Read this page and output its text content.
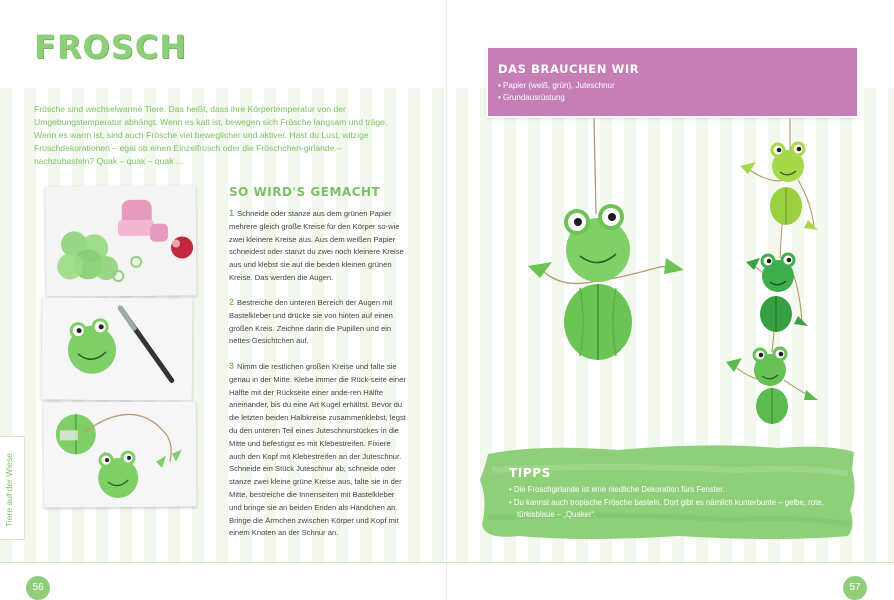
FROSCH
Frösche sind wechselwarme Tiere. Das heißt, dass ihre Körpertemperatur von der Umgebungstemperatur abhängt. Wenn es kalt ist, bewegen sich Frösche langsam und träge. Wenn es warm ist, sind auch Frösche viel beweglicher und aktiver. Hast du Lust, witzige Froschdekorationen – egal ob einen Einzelfrosch oder die Fröschchen-girlande – nachzubasteln? Quak – quak – quak ...
SO WIRD'S GEMACHT
1 Schneide oder stanze aus dem grünen Papier mehrere gleich große Kreise für den Körper so-wie zwei kleinere Kreise aus. Aus dem weißen Papier schneidest oder stanzt du zwei noch kleinere Kreise aus und klebst sie auf die beiden kleinen grünen Kreise. Das werden die Augen.
2 Bestreiche den unteren Bereich der Augen mit Bastelkleber und drücke sie von hinten auf einen großen Kreis. Zeichne darin die Pupillen und ein nettes Gesichtchen auf.
3 Nimm die restlichen großen Kreise und falte sie genau in der Mitte. Klebe immer die Rück-seite einer Hälfte mit der Rückseite einer ande-ren Hälfte aneinander, bis du eine Art Kugel erhältst. Bevor du die letzten beiden Halbkreise zusammenklebst, legst du den unteren Teil eines Juteschnurstückes in die Mitte und befestigst es mit Klebestreifen. Fixiere auch den Kopf mit Klebestreifen an der Juteschnur. Schneide ein Stück Juteschnur ab, schneide oder stanze zwei kleine grüne Kreise aus, falte sie in der Mitte, bestreiche die Innenseiten mit Bastelkleber und bringe sie an beiden Enden als Händchen an. Bringe die Ärmchen zwischen Körper und Kopf mit einem Knoten an der Schnur an.
Tiere auf der Wiese
56	57
DAS BRAUCHEN WIR
• Papier (weiß, grün), Juteschnur
• Grundausrüstung
TIPPS
• Die Froschgirlande ist eine niedliche Dekoration fürs Fenster.
• Du kannst auch tropische Frösche basteln. Dort gibt es nämlich kunterbunte – gelbe, rote, türkisblaue – „Quaker“.
